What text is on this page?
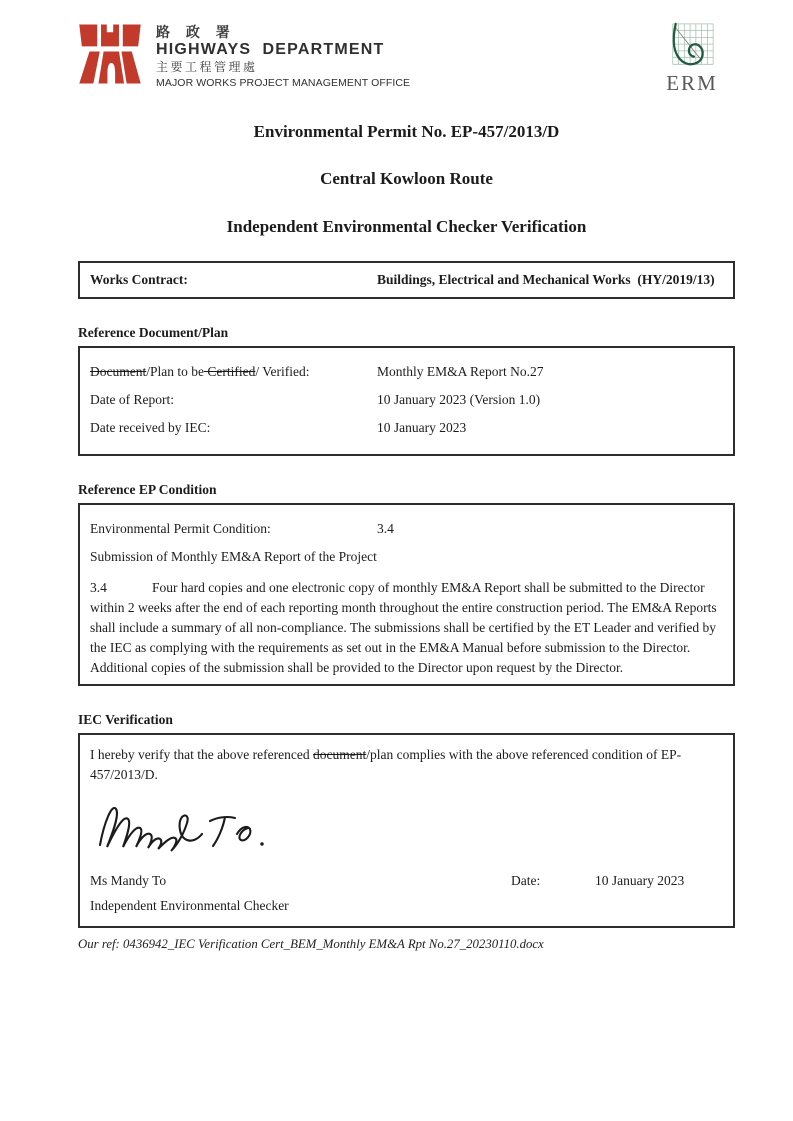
路 政 署
HIGHWAYS  DEPARTMENT
主要工程管理處
MAJOR WORKS PROJECT MANAGEMENT OFFICE	ERM
Environmental Permit No. EP-457/2013/D
Central Kowloon Route
Independent Environmental Checker Verification
Works Contract:	Buildings, Electrical and Mechanical Works  (HY/2019/13)
Reference Document/Plan
Document/Plan to be Certified/ Verified:	Monthly EM&A Report No.27
Date of Report:	10 January 2023 (Version 1.0)
Date received by IEC:	10 January 2023
Reference EP Condition
Environmental Permit Condition:	3.4
Submission of Monthly EM&A Report of the Project
3.4	Four hard copies and one electronic copy of monthly EM&A Report shall be submitted to the Director within 2 weeks after the end of each reporting month throughout the entire construction period. The EM&A Reports shall include a summary of all non-compliance. The submissions shall be certified by the ET Leader and verified by the IEC as complying with the requirements as set out in the EM&A Manual before submission to the Director. Additional copies of the submission shall be provided to the Director upon request by the Director.
IEC Verification
I hereby verify that the above referenced document/plan complies with the above referenced condition of EP-457/2013/D.
Ms Mandy To	Date:	10 January 2023
Independent Environmental Checker
Our ref: 0436942_IEC Verification Cert_BEM_Monthly EM&A Rpt No.27_20230110.docx
